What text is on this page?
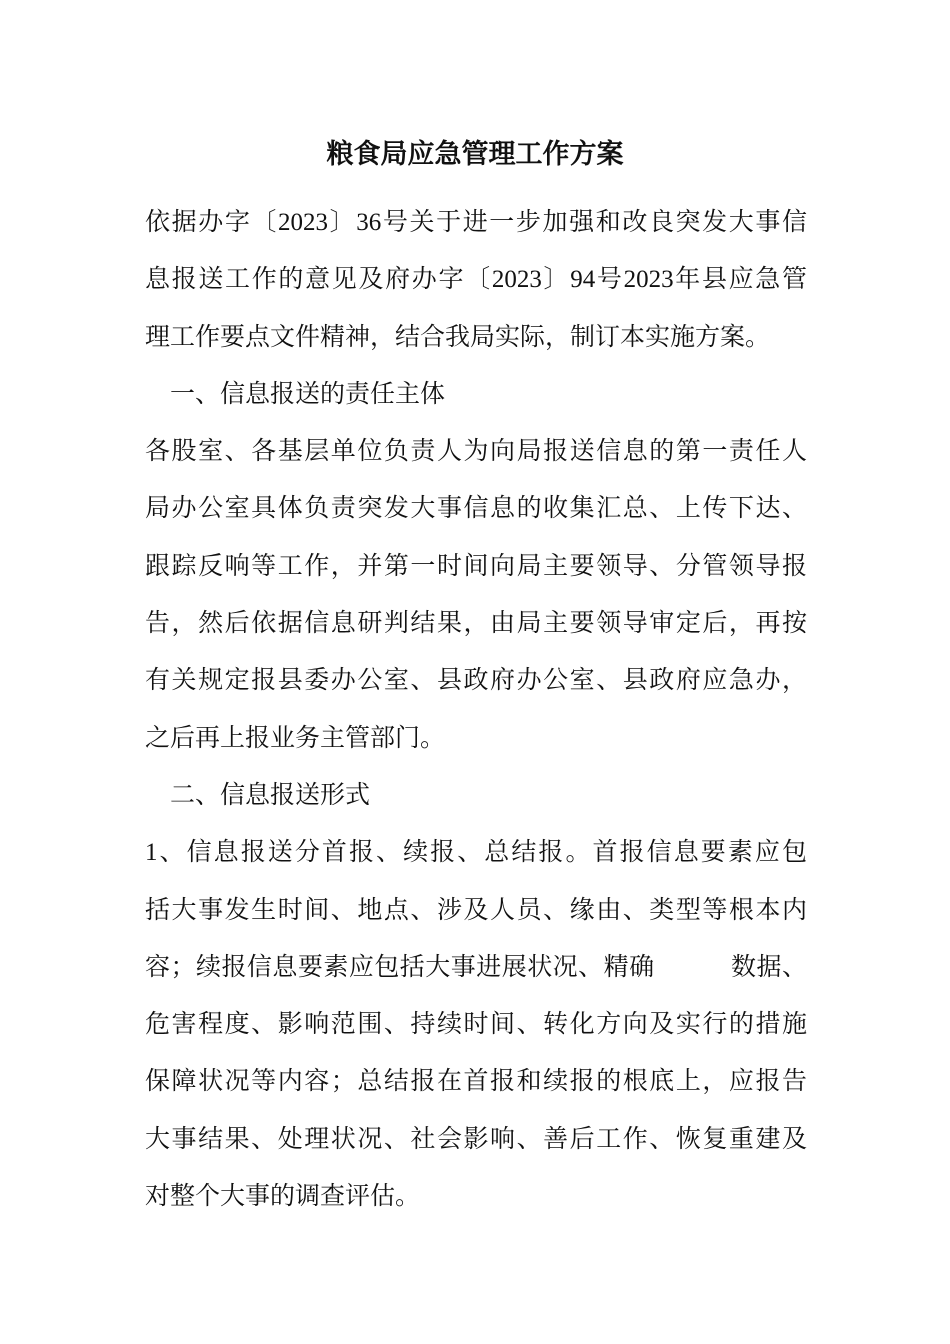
粮食局应急管理工作方案
依据办字〔2023〕36号关于进一步加强和改良突发大事信
息报送工作的意见及府办字〔2023〕94号2023年县应急管
理工作要点文件精神，结合我局实际，制订本实施方案。
一、信息报送的责任主体
各股室、各基层单位负责人为向局报送信息的第一责任人
局办公室具体负责突发大事信息的收集汇总、上传下达、
跟踪反响等工作，并第一时间向局主要领导、分管领导报
告，然后依据信息研判结果，由局主要领导审定后，再按
有关规定报县委办公室、县政府办公室、县政府应急办，
之后再上报业务主管部门。
二、信息报送形式
1、信息报送分首报、续报、总结报。首报信息要素应包
括大事发生时间、地点、涉及人员、缘由、类型等根本内
容；续报信息要素应包括大事进展状况、精确　　　数据、
危害程度、影响范围、持续时间、转化方向及实行的措施
保障状况等内容；总结报在首报和续报的根底上，应报告
大事结果、处理状况、社会影响、善后工作、恢复重建及
对整个大事的调查评估。
